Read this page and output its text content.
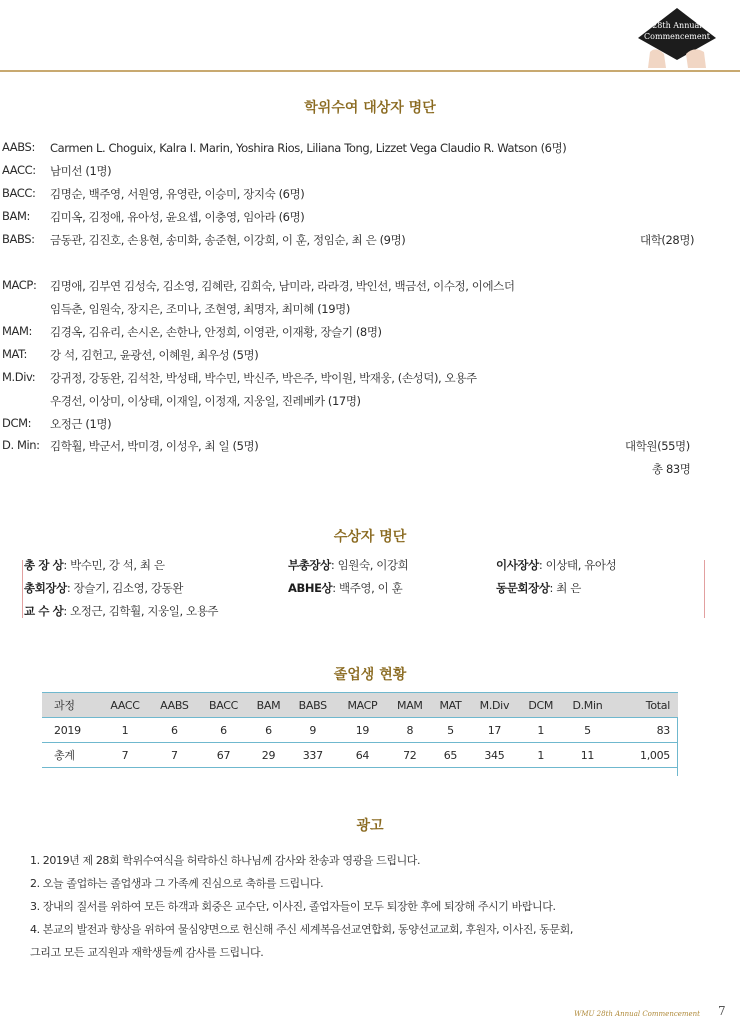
28th Annual
Commencement
학위수여 대상자 명단
AABS: Carmen L. Choguix, Kalra I. Marin, Yoshira Rios, Liliana Tong, Lizzet Vega Claudio R. Watson (6명)
AACC: 남미선 (1명)
BACC: 김명순, 백주영, 서원영, 유영란, 이승미, 장지숙 (6명)
BAM: 김미옥, 김정애, 유아성, 윤요셉, 이충영, 임아라 (6명)
BABS: 금동관, 김진호, 손용현, 송미화, 송준현, 이강희, 이 훈, 정임순, 최 은 (9명)
MACP: 김명애, 김부연 김성숙, 김소영, 김혜란, 김희숙, 남미라, 라라경, 박인선, 백금선, 이수정, 이에스더
임득춘, 임원숙, 장지은, 조미나, 조현영, 최명자, 최미혜 (19명)
MAM: 김경옥, 김유리, 손시온, 손한나, 안정희, 이영관, 이재황, 장슬기 (8명)
MAT: 강 석, 김헌고, 윤광선, 이혜원, 최우성 (5명)
M.Div: 강귀정, 강동완, 김석찬, 박성태, 박수민, 박신주, 박은주, 박이원, 박재웅, (손성덕), 오용주
우경선, 이상미, 이상태, 이재일, 이정재, 지웅일, 진레베카 (17명)
DCM: 오정근 (1명)
D. Min: 김학훨, 박군서, 박미경, 이성우, 최 일 (5명)
대학(28명)
대학원(55명)
총 83명
수상자 명단
총 장 상: 박수민, 강 석, 최 은	부총장상: 임원숙, 이강희	이사장상: 이상태, 유아성
총회장상: 장슬기, 김소영, 강동완	ABHE상: 백주영, 이 훈	동문회장상: 최 은
교 수 상: 오정근, 김학훨, 지웅일, 오용주
졸업생 현황
과정	AACC	AABS	BACC	BAM	BABS	MACP	MAM	MAT	M.Div	DCM	D.Min	Total
2019	1	6	6	6	9	19	8	5	17	1	5	83
총계	7	7	67	29	337	64	72	65	345	1	11	1,005
광고
1. 2019년 제 28회 학위수여식을 허락하신 하나님께 감사와 찬송과 영광을 드립니다.
2. 오늘 졸업하는 졸업생과 그 가족께 진심으로 축하를 드립니다.
3. 장내의 질서를 위하여 모든 하객과 회중은 교수단, 이사진, 졸업자들이 모두 퇴장한 후에 퇴장해 주시기 바랍니다.
4. 본교의 발전과 향상을 위하여 물심양면으로 헌신해 주신 세계복음선교연합회, 동양선교교회, 후원자, 이사진, 동문회,
그리고 모든 교직원과 재학생들께 감사를 드립니다.
WMU 28th Annual Commencement 7
